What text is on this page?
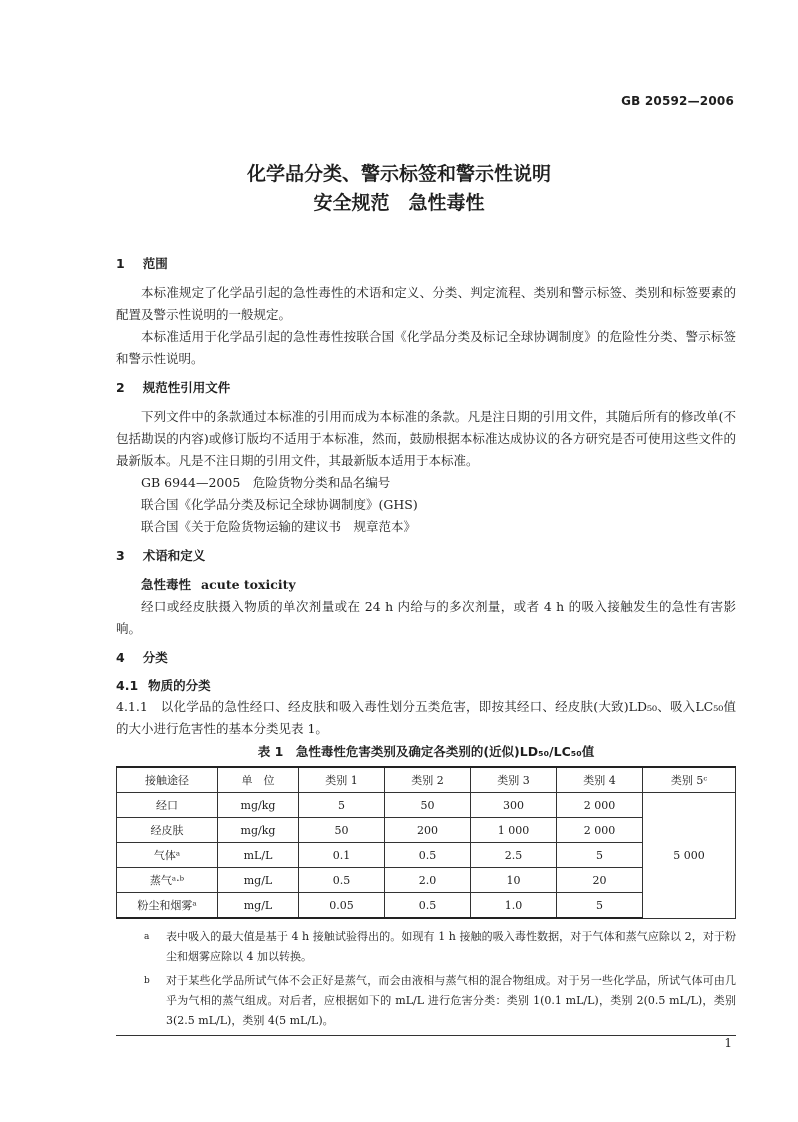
GB 20592—2006
化学品分类、警示标签和警示性说明
安全规范　急性毒性
1 范围

本标准规定了化学品引起的急性毒性的术语和定义、分类、判定流程、类别和警示标签、类别和标签要素的配置及警示性说明的一般规定。

本标准适用于化学品引起的急性毒性按联合国《化学品分类及标记全球协调制度》的危险性分类、警示标签和警示性说明。

2 规范性引用文件

下列文件中的条款通过本标准的引用而成为本标准的条款。凡是注日期的引用文件，其随后所有的修改单(不包括勘误的内容)或修订版均不适用于本标准，然而，鼓励根据本标准达成协议的各方研究是否可使用这些文件的最新版本。凡是不注日期的引用文件，其最新版本适用于本标准。

GB 6944—2005　危险货物分类和品名编号

联合国《化学品分类及标记全球协调制度》(GHS)

联合国《关于危险货物运输的建议书　规章范本》

3 术语和定义
急性毒性 acute toxicity

经口或经皮肤摄入物质的单次剂量或在 24 h 内给与的多次剂量，或者 4 h 的吸入接触发生的急性有害影响。

4 分类
4.1 物质的分类

4.1.1　 以化学品的急性经口、经皮肤和吸入毒性划分五类危害，即按其经口、经皮肤(大致)LD₅₀、吸入LC₅₀值的大小进行危害性的基本分类见表 1。

表 1　急性毒性危害类别及确定各类别的(近似)LD₅₀/LC₅₀值
接触途径	单　位	类别 1	类别 2	类别 3	类别 4	类别 5ᶜ
经口	mg/kg	5	50	300	2 000	5 000
经皮肤	mg/kg	50	200	1 000	2 000	
气体ᵃ	mL/L	0.1	0.5	2.5	5	
蒸气ᵃ·ᵇ	mg/L	0.5	2.0	10	20	
粉尘和烟雾ᵃ	mg/L	0.05	0.5	1.0	5	
a 表中吸入的最大值是基于 4 h 接触试验得出的。如现有 1 h 接触的吸入毒性数据，对于气体和蒸气应除以 2，对于粉尘和烟雾应除以 4 加以转换。
b 对于某些化学品所试气体不会正好是蒸气，而会由液相与蒸气相的混合物组成。对于另一些化学品，所试气体可由几乎为气相的蒸气组成。对后者，应根据如下的 mL/L 进行危害分类：类别 1(0.1 mL/L)，类别 2(0.5 mL/L)，类别 3(2.5 mL/L)，类别 4(5 mL/L)。
1
